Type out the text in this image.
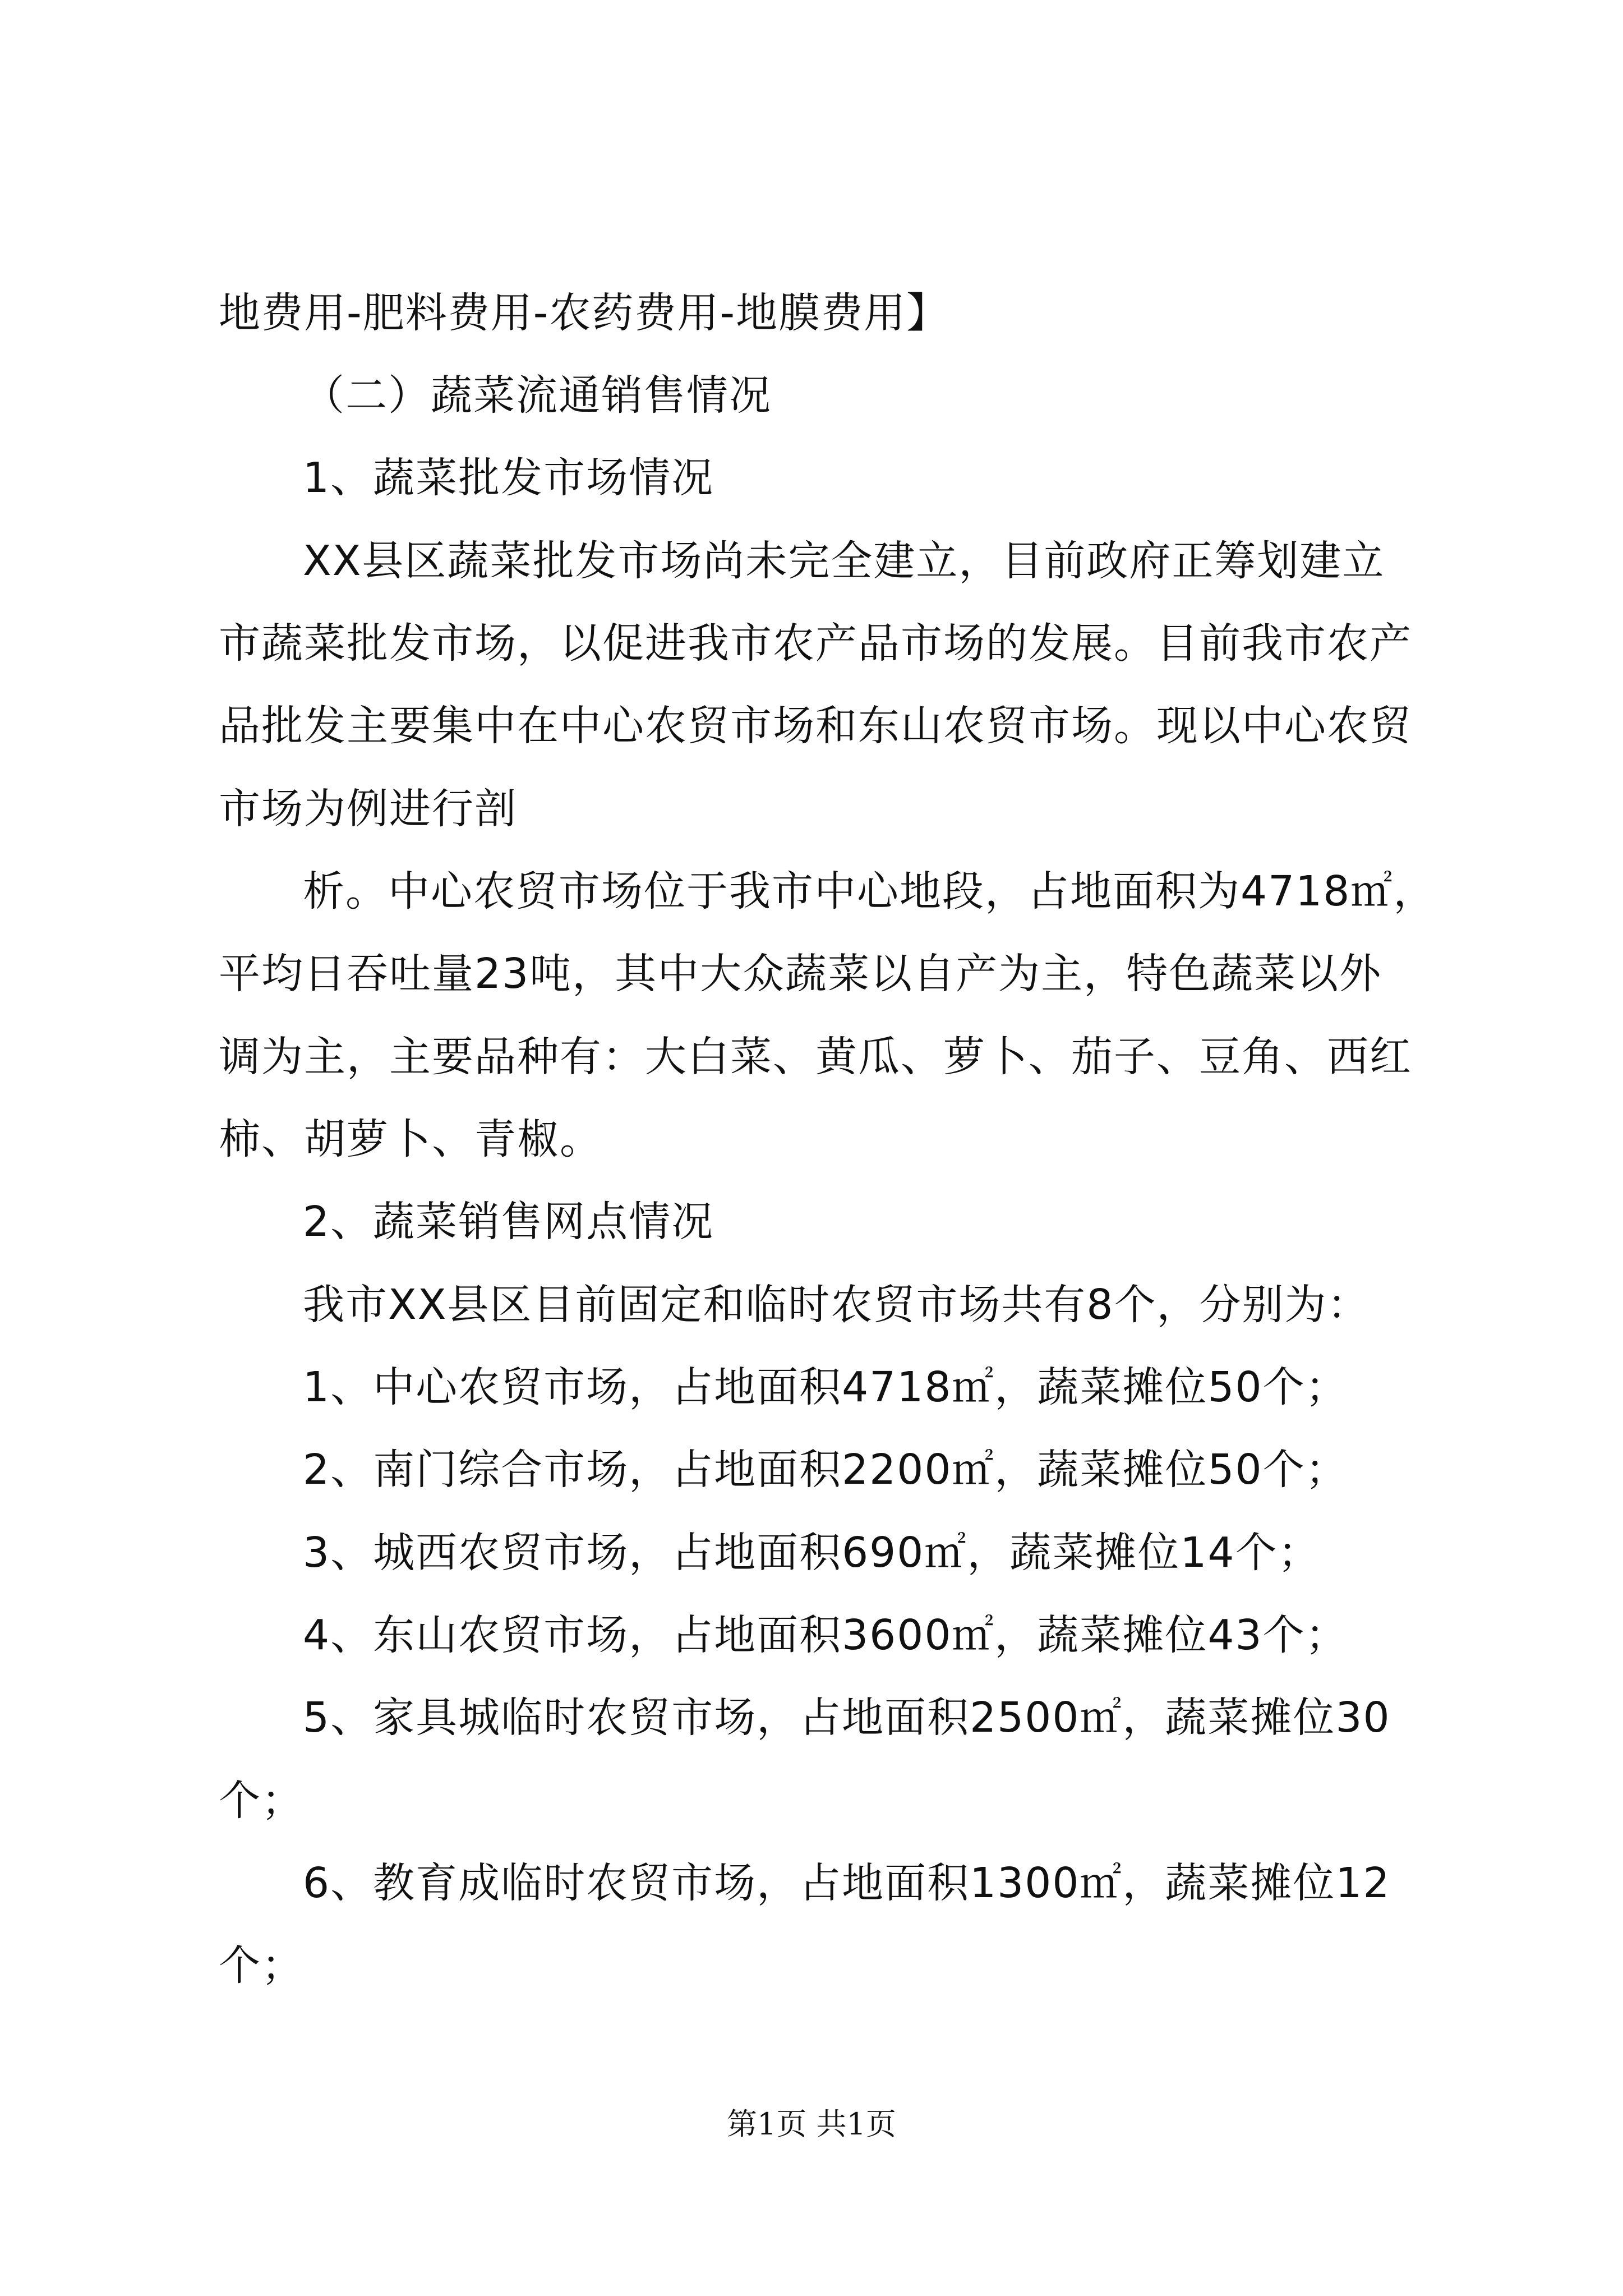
地费用-肥料费用-农药费用-地膜费用】
（二）蔬菜流通销售情况
1、蔬菜批发市场情况
XX县区蔬菜批发市场尚未完全建立，目前政府正筹划建立
市蔬菜批发市场，以促进我市农产品市场的发展。目前我市农产
品批发主要集中在中心农贸市场和东山农贸市场。现以中心农贸
市场为例进行剖
析。中心农贸市场位于我市中心地段，占地面积为4718㎡，
平均日吞吐量23吨，其中大众蔬菜以自产为主，特色蔬菜以外
调为主，主要品种有：大白菜、黄瓜、萝卜、茄子、豆角、西红
柿、胡萝卜、青椒。
2、蔬菜销售网点情况
我市XX县区目前固定和临时农贸市场共有8个，分别为：
1、中心农贸市场，占地面积4718㎡，蔬菜摊位50个；
2、南门综合市场，占地面积2200㎡，蔬菜摊位50个；
3、城西农贸市场，占地面积690㎡，蔬菜摊位14个；
4、东山农贸市场，占地面积3600㎡，蔬菜摊位43个；
5、家具城临时农贸市场，占地面积2500㎡，蔬菜摊位30
个；
6、教育成临时农贸市场，占地面积1300㎡，蔬菜摊位12
个；
第1页 共1页
